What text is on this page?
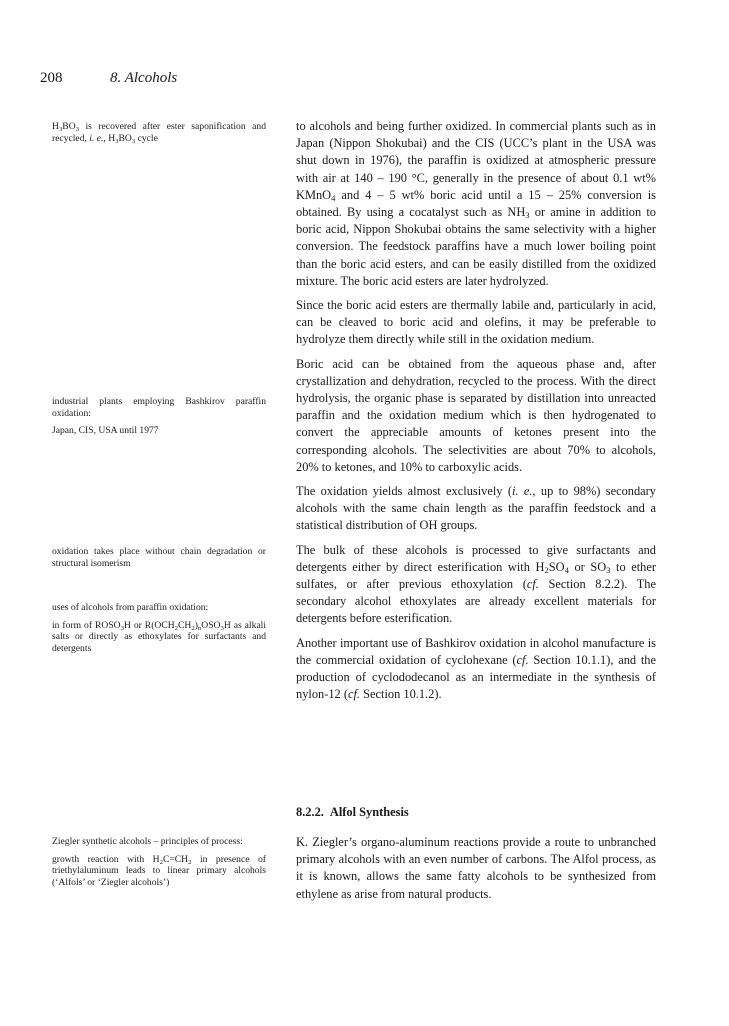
208	8. Alcohols

$H_3BO_3$ is recovered after ester saponification and recycled, i. e., $H_3BO_3$ cycle

industrial plants employing Bashkirov paraffin oxidation:

Japan, CIS, USA until 1977

oxidation takes place without chain degradation or structural isomerism

uses of alcohols from paraffin oxidation:

in form of $ROSO_3H$ or $R(OCH_2CH_2)_nOSO_3H$ as alkali salts or directly as ethoxylates for surfactants and detergents

Ziegler synthetic alcohols – principles of process:

growth reaction with $H_2C=CH_2$ in presence of triethylaluminum leads to linear primary alcohols (‘Alfols’ or ‘Ziegler alcohols’)

to alcohols and being further oxidized. In commercial plants such as in Japan (Nippon Shokubai) and the CIS (UCC’s plant in the USA was shut down in 1976), the paraffin is oxidized at atmospheric pressure with air at 140 – 190 °C, generally in the presence of about 0.1 wt% KMnO$_4$ and 4 – 5 wt% boric acid until a 15 – 25% conversion is obtained. By using a cocatalyst such as $NH_3$ or amine in addition to boric acid, Nippon Shokubai obtains the same selectivity with a higher conversion. The feedstock paraffins have a much lower boiling point than the boric acid esters, and can be easily distilled from the oxidized mixture. The boric acid esters are later hydrolyzed.

Since the boric acid esters are thermally labile and, particularly in acid, can be cleaved to boric acid and olefins, it may be preferable to hydrolyze them directly while still in the oxidation medium.

Boric acid can be obtained from the aqueous phase and, after crystallization and dehydration, recycled to the process. With the direct hydrolysis, the organic phase is separated by distillation into unreacted paraffin and the oxidation medium which is then hydrogenated to convert the appreciable amounts of ketones present into the corresponding alcohols. The selectivities are about 70% to alcohols, 20% to ketones, and 10% to carboxylic acids.

The oxidation yields almost exclusively (i. e., up to 98%) secondary alcohols with the same chain length as the paraffin feedstock and a statistical distribution of OH groups.

The bulk of these alcohols is processed to give surfactants and detergents either by direct esterification with $H_2SO_4$ or $SO_3$ to ether sulfates, or after previous ethoxylation (cf. Section 8.2.2). The secondary alcohol ethoxylates are already excellent materials for detergents before esterification.

Another important use of Bashkirov oxidation in alcohol manufacture is the commercial oxidation of cyclohexane (cf. Section 10.1.1), and the production of cyclododecanol as an intermediate in the synthesis of nylon-12 (cf. Section 10.1.2).

8.2.2. Alfol Synthesis

K. Ziegler’s organo-aluminum reactions provide a route to unbranched primary alcohols with an even number of carbons. The Alfol process, as it is known, allows the same fatty alcohols to be synthesized from ethylene as arise from natural products.
